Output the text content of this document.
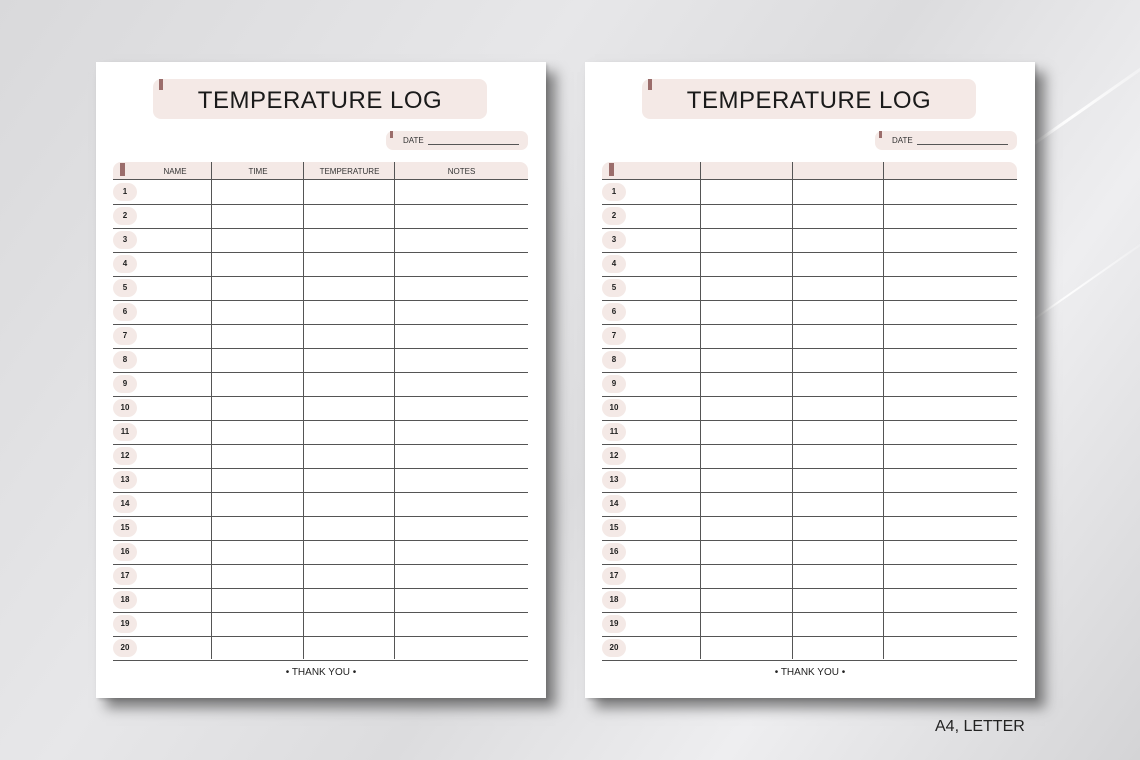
TEMPERATURE LOG
DATE
NAME	TIME	TEMPERATURE	NOTES
1
2
3
4
5
6
7
8
9
10
11
12
13
14
15
16
17
18
19
20
• THANK YOU •
TEMPERATURE LOG
DATE
1
2
3
4
5
6
7
8
9
10
11
12
13
14
15
16
17
18
19
20
• THANK YOU •
A4, LETTER
